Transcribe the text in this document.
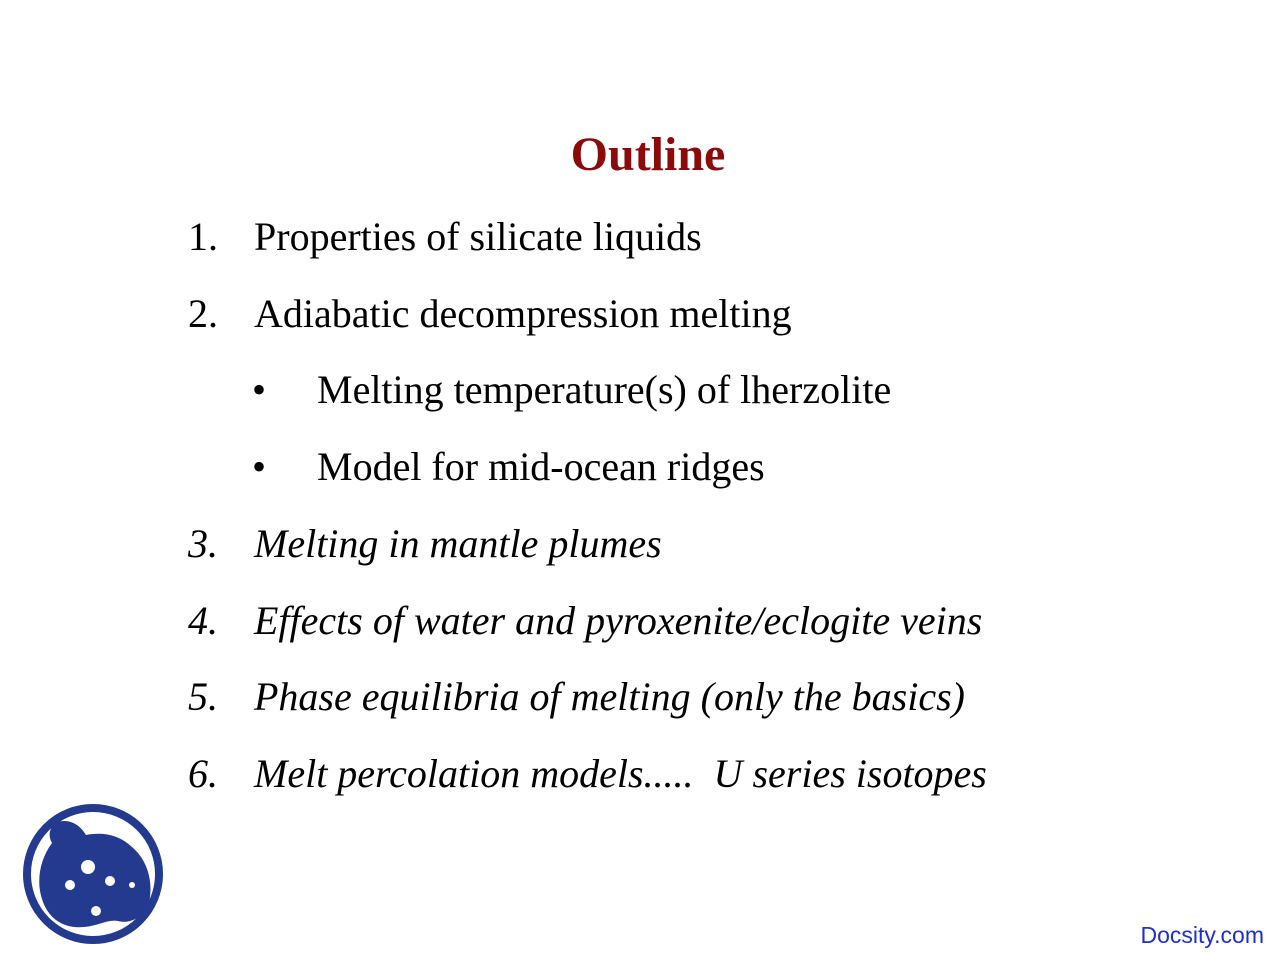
Outline
1. Properties of silicate liquids
2. Adiabatic decompression melting
• Melting temperature(s) of lherzolite
• Model for mid-ocean ridges
3. Melting in mantle plumes
4. Effects of water and pyroxenite/eclogite veins
5. Phase equilibria of melting (only the basics)
6. Melt percolation models.....  U series isotopes
Docsity.com
